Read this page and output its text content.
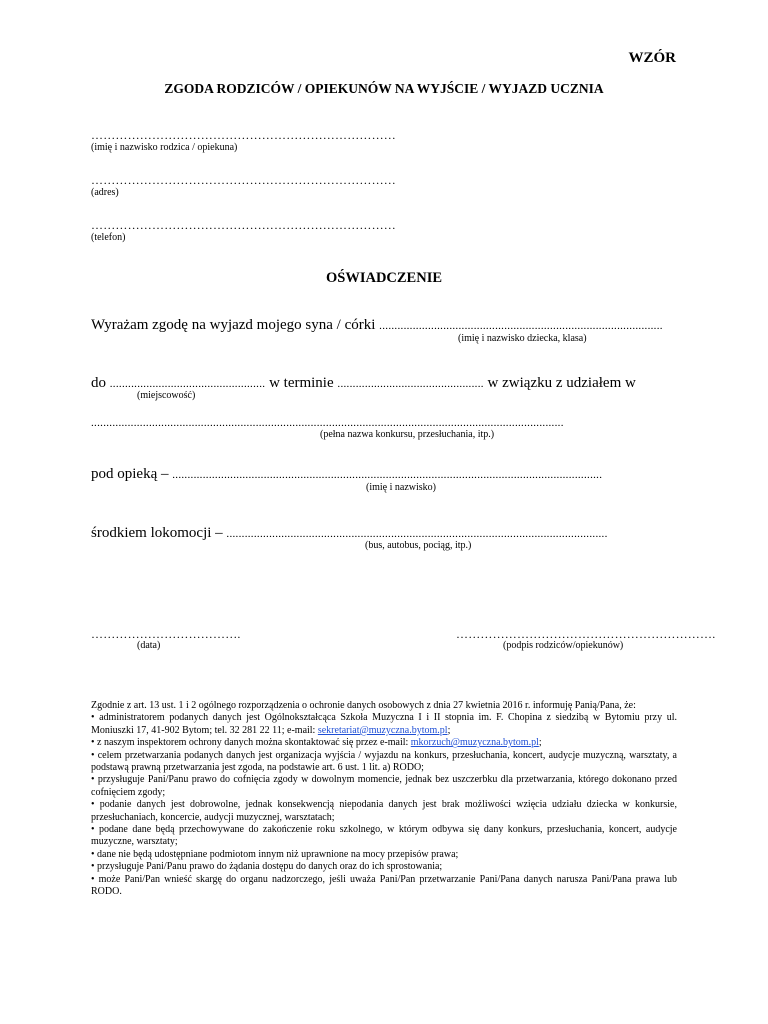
WZÓR
ZGODA RODZICÓW / OPIEKUNÓW NA WYJŚCIE / WYJAZD UCZNIA
…………………………………………………………………
(imię i nazwisko rodzica / opiekuna)
…………………………………………………………………
(adres)
…………………………………………………………………
(telefon)
OŚWIADCZENIE
Wyrażam zgodę na wyjazd mojego syna / córki .............................................................................................
(imię i nazwisko dziecka, klasa)
do ................................................... w terminie ................................................ w związku z udziałem w
(miejscowość)
...........................................................................................................................................................
(pełna nazwa konkursu, przesłuchania, itp.)
pod opieką – .............................................................................................................................................
(imię i nazwisko)
środkiem lokomocji – .............................................................................................................................
(bus, autobus, pociąg, itp.)
……………………………….
(data)
……………………………………………………….
(podpis rodziców/opiekunów)

Zgodnie z art. 13 ust. 1 i 2 ogólnego rozporządzenia o ochronie danych osobowych z dnia 27 kwietnia 2016 r. informuję Panią/Pana, że:

• administratorem podanych danych jest Ogólnokształcąca Szkoła Muzyczna I i II stopnia im. F. Chopina z siedzibą w Bytomiu przy ul. Moniuszki 17, 41-902 Bytom; tel. 32 281 22 11; e-mail: sekretariat@muzyczna.bytom.pl;

• z naszym inspektorem ochrony danych można skontaktować się przez e-mail: mkorzuch@muzyczna.bytom.pl;

• celem przetwarzania podanych danych jest organizacja wyjścia / wyjazdu na konkurs, przesłuchania, koncert, audycje muzyczną, warsztaty, a podstawą prawną przetwarzania jest zgoda, na podstawie art. 6 ust. 1 lit. a) RODO;

• przysługuje Pani/Panu prawo do cofnięcia zgody w dowolnym momencie, jednak bez uszczerbku dla przetwarzania, którego dokonano przed cofnięciem zgody;

• podanie danych jest dobrowolne, jednak konsekwencją niepodania danych jest brak możliwości wzięcia udziału dziecka w konkursie, przesłuchaniach, koncercie, audycji muzycznej, warsztatach;

• podane dane będą przechowywane do zakończenie roku szkolnego, w którym odbywa się dany konkurs, przesłuchania, koncert, audycje muzyczne, warsztaty;

• dane nie będą udostępniane podmiotom innym niż uprawnione na mocy przepisów prawa;

• przysługuje Pani/Panu prawo do żądania dostępu do danych oraz do ich sprostowania;

• może Pani/Pan wnieść skargę do organu nadzorczego, jeśli uważa Pani/Pan przetwarzanie Pani/Pana danych narusza Pani/Pana prawa lub RODO.
